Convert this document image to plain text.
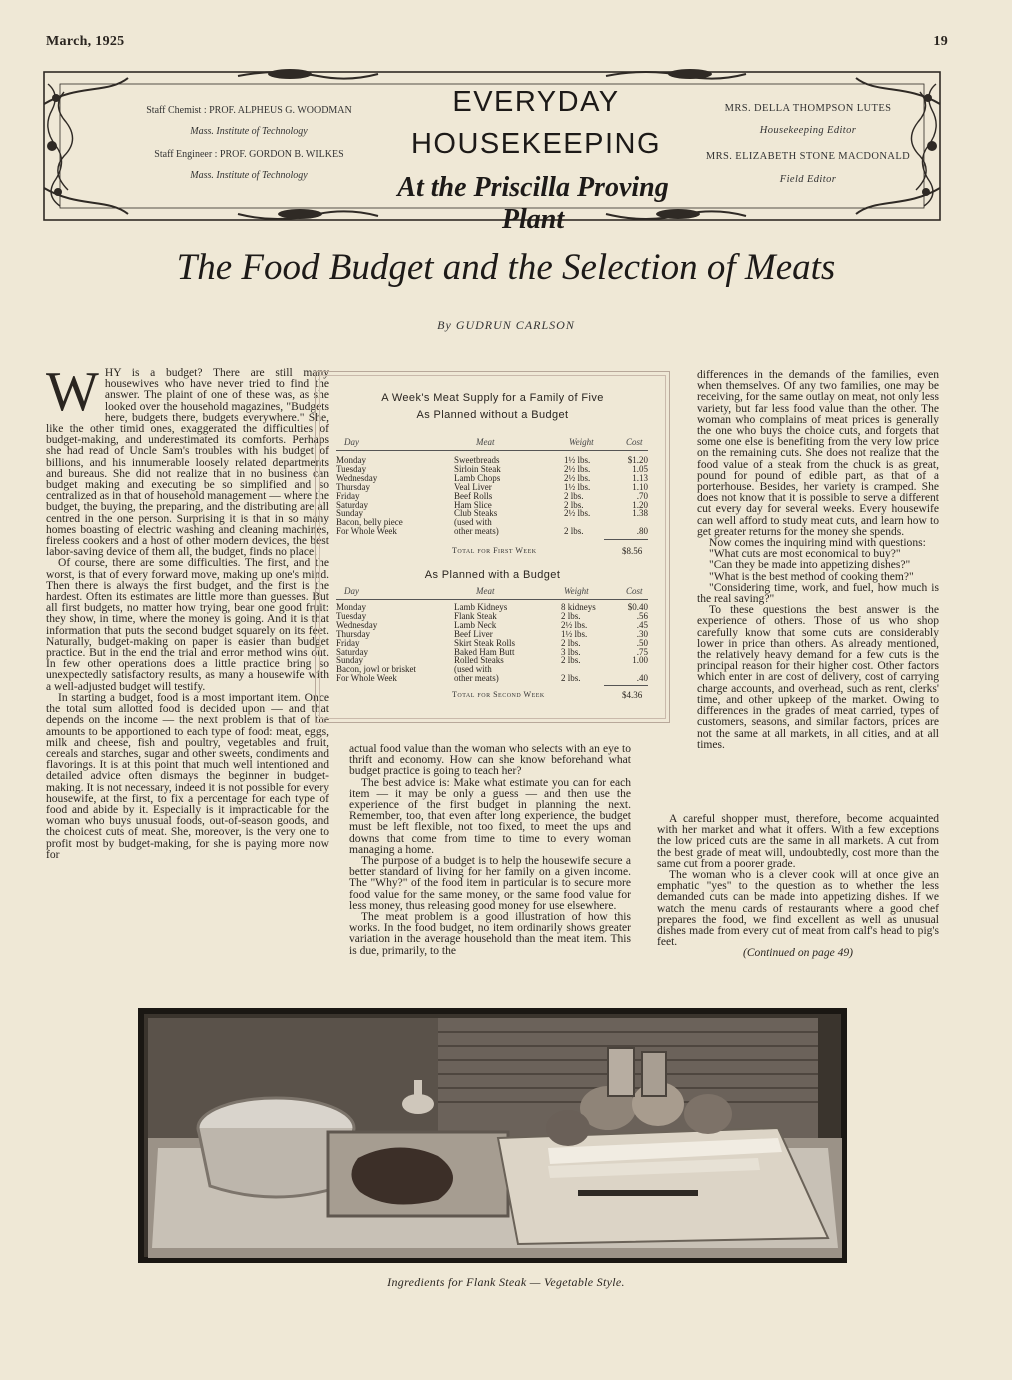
March, 1925	19
Staff Chemist : PROF. ALPHEUS G. WOODMAN
Mass. Institute of Technology
Staff Engineer : PROF. GORDON B. WILKES
Mass. Institute of Technology
EVERYDAY
HOUSEKEEPING
At the Priscilla Proving Plant
MRS. DELLA THOMPSON LUTES
Housekeeping Editor
MRS. ELIZABETH STONE MACDONALD
Field Editor
The Food Budget and the Selection of Meats
By GUDRUN CARLSON

WHY is a budget? There are still many housewives who have never tried to find the answer. The plaint of one of these was, as she looked over the household magazines, "Budgets here, budgets there, budgets everywhere." She, like the other timid ones, exaggerated the difficulties of budget-making, and underestimated its comforts. Perhaps she had read of Uncle Sam's troubles with his budget of billions, and his innumerable loosely related departments and bureaus. She did not realize that in no business can budget making and executing be so simplified and so centralized as in that of household management — where the budget, the buying, the preparing, and the distributing are all centred in the one person. Surprising it is that in so many homes boasting of electric washing and cleaning machines, fireless cookers and a host of other modern devices, the best labor-saving device of them all, the budget, finds no place.

Of course, there are some difficulties. The first, and the worst, is that of every forward move, making up one's mind. Then there is always the first budget, and the first is the hardest. Often its estimates are little more than guesses. But all first budgets, no matter how trying, bear one good fruit: they show, in time, where the money is going. And it is that information that puts the second budget squarely on its feet. Naturally, budget-making on paper is easier than budget practice. But in the end the trial and error method wins out. In few other operations does a little practice bring so unexpectedly satisfactory results, as many a housewife with a well-adjusted budget will testify.

In starting a budget, food is a most important item. Once the total sum allotted food is decided upon — and that depends on the income — the next problem is that of the amounts to be apportioned to each type of food: meat, eggs, milk and cheese, fish and poultry, vegetables and fruit, cereals and starches, sugar and other sweets, condiments and flavorings. It is at this point that much well intentioned and detailed advice often dismays the beginner in budget-making. It is not necessary, indeed it is not possible for every housewife, at the first, to fix a percentage for each type of food and abide by it. Especially is it impracticable for the woman who buys unusual foods, out-of-season goods, and the choicest cuts of meat. She, moreover, is the very one to profit most by budget-making, for she is paying more now for

A Week's Meat Supply for a Family of Five
As Planned without a Budget
Day	Meat	Weight	Cost
Monday	Sweetbreads	1½ lbs.	$1.20
Tuesday	Sirloin Steak	2½ lbs.	1.05
Wednesday	Lamb Chops	2½ lbs.	1.13
Thursday	Veal Liver	1½ lbs.	1.10
Friday	Beef Rolls	2 lbs.	.70
Saturday	Ham Slice	2 lbs.	1.20
Sunday	Club Steaks	2½ lbs.	1.38
Bacon, belly piece	(used with
For Whole Week	other meats)	2 lbs.	.80
Total for First Week	$8.56
As Planned with a Budget
Day	Meat	Weight	Cost
Monday	Lamb Kidneys	8 kidneys	$0.40
Tuesday	Flank Steak	2 lbs.	.56
Wednesday	Lamb Neck	2½ lbs.	.45
Thursday	Beef Liver	1½ lbs.	.30
Friday	Skirt Steak Rolls	2 lbs.	.50
Saturday	Baked Ham Butt	3 lbs.	.75
Sunday	Rolled Steaks	2 lbs.	1.00
Bacon, jowl or brisket	(used with
For Whole Week	other meats)	2 lbs.	.40
Total for Second Week	$4.36

actual food value than the woman who selects with an eye to thrift and economy. How can she know beforehand what budget practice is going to teach her?

The best advice is: Make what estimate you can for each item — it may be only a guess — and then use the experience of the first budget in planning the next. Remember, too, that even after long experience, the budget must be left flexible, not too fixed, to meet the ups and downs that come from time to time to every woman managing a home.

The purpose of a budget is to help the housewife secure a better standard of living for her family on a given income. The "Why?" of the food item in particular is to secure more food value for the same money, or the same food value for less money, thus releasing good money for use elsewhere.

The meat problem is a good illustration of how this works. In the food budget, no item ordinarily shows greater variation in the average household than the meat item. This is due, primarily, to the

differences in the demands of the families, even when themselves. Of any two families, one may be receiving, for the same outlay on meat, not only less variety, but far less food value than the other. The woman who complains of meat prices is generally the one who buys the choice cuts, and forgets that some one else is benefiting from the very low price on the remaining cuts. She does not realize that the food value of a steak from the chuck is as great, pound for pound of edible part, as that of a porterhouse. Besides, her variety is cramped. She does not know that it is possible to serve a different cut every day for several weeks. Every housewife can well afford to study meat cuts, and learn how to get greater returns for the money she spends.

Now comes the inquiring mind with questions:

"What cuts are most economical to buy?"

"Can they be made into appetizing dishes?"

"What is the best method of cooking them?"

"Considering time, work, and fuel, how much is the real saving?"

To these questions the best answer is the experience of others. Those of us who shop carefully know that some cuts are considerably lower in price than others. As already mentioned, the relatively heavy demand for a few cuts is the principal reason for their higher cost. Other factors which enter in are cost of delivery, cost of carrying charge accounts, and overhead, such as rent, clerks' time, and other upkeep of the market. Owing to differences in the grades of meat carried, types of customers, seasons, and similar factors, prices are not the same at all markets, in all cities, and at all times.

A careful shopper must, therefore, become acquainted with her market and what it offers. With a few exceptions the low priced cuts are the same in all markets. A cut from the best grade of meat will, undoubtedly, cost more than the same cut from a poorer grade.

The woman who is a clever cook will at once give an emphatic "yes" to the question as to whether the less demanded cuts can be made into appetizing dishes. If we watch the menu cards of restaurants where a good chef prepares the food, we find excellent as well as unusual dishes made from every cut of meat from calf's head to pig's feet.

(Continued on page 49)

Ingredients for Flank Steak — Vegetable Style.
